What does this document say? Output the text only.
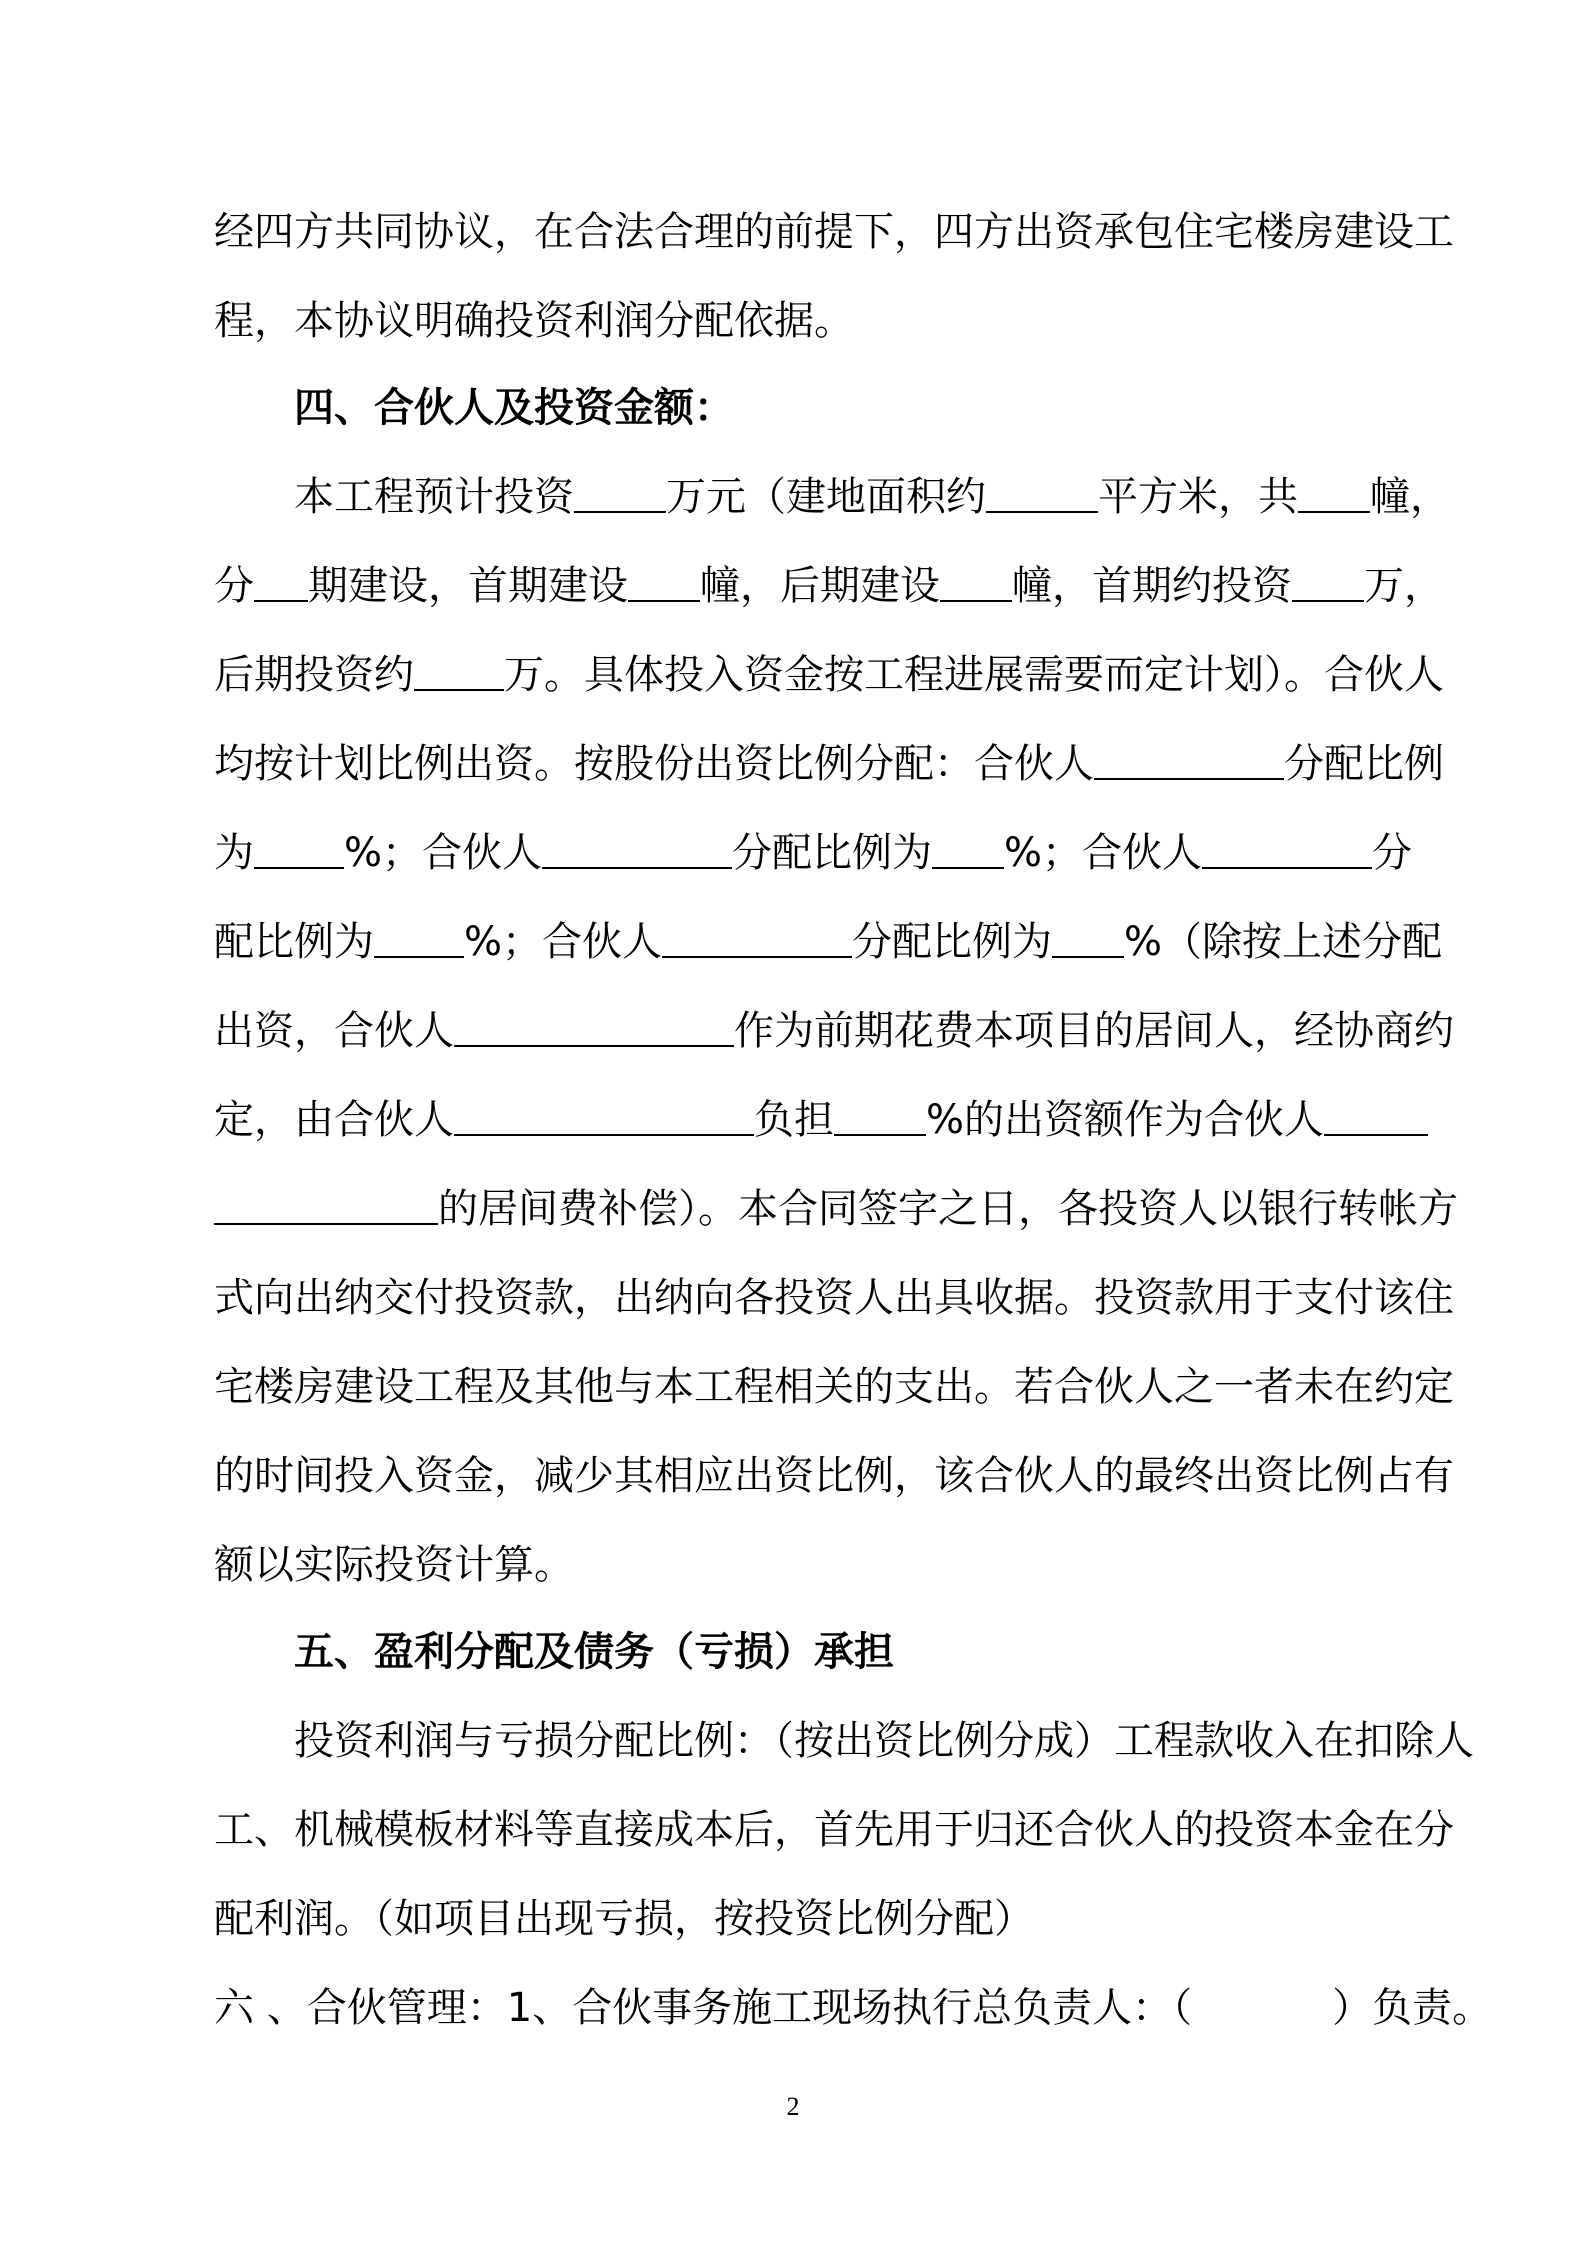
经四方共同协议，在合法合理的前提下，四方出资承包住宅楼房建设工
程，本协议明确投资利润分配依据。
四、合伙人及投资金额：
本工程预计投资	万元（建地面积约	平方米，共	幢，
分	期建设，首期建设	幢，后期建设	幢，首期约投资	万，
后期投资约	万。具体投入资金按工程进展需要而定计划）。合伙人
均按计划比例出资。按股份出资比例分配：合伙人	分配比例
为	%；合伙人	分配比例为	%；合伙人	分
配比例为	%；合伙人	分配比例为	%（除按上述分配
出资，合伙人	作为前期花费本项目的居间人，经协商约
定，由合伙人	负担	%的出资额作为合伙人
的居间费补偿）。本合同签字之日，各投资人以银行转帐方
式向出纳交付投资款，出纳向各投资人出具收据。投资款用于支付该住
宅楼房建设工程及其他与本工程相关的支出。若合伙人之一者未在约定
的时间投入资金，减少其相应出资比例，该合伙人的最终出资比例占有
额以实际投资计算。
五、盈利分配及债务（亏损）承担
投资利润与亏损分配比例：（按出资比例分成）工程款收入在扣除人
工、机械模板材料等直接成本后，首先用于归还合伙人的投资本金在分
配利润。（如项目出现亏损，按投资比例分配）
六 、合伙管理：1、合伙事务施工现场执行总负责人：（	）负责。
2
